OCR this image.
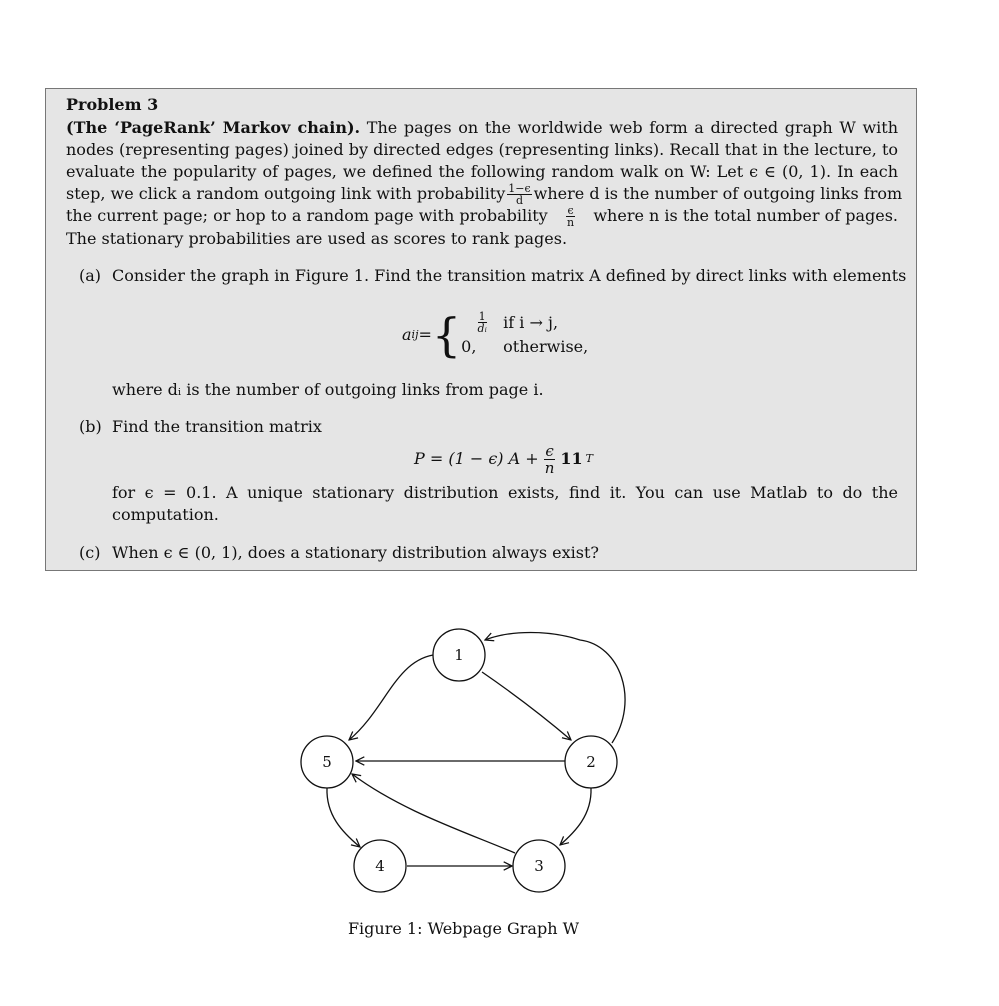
Problem 3
(The ‘PageRank’ Markov chain). The pages on the worldwide web form a directed graph W with
nodes (representing pages) joined by directed edges (representing links). Recall that in the lecture, to
evaluate the popularity of pages, we defined the following random walk on W: Let ϵ ∈ (0, 1). In each
step, we click a random outgoing link with probability $\frac{1-\epsilon}{d}$ where d is the number of outgoing links from
the current page; or hop to a random page with probability $\frac{\epsilon}{n}$ where n is the total number of pages.
The stationary probabilities are used as scores to rank pages.
(a) Consider the graph in Figure 1. Find the transition matrix A defined by direct links with elements
a ij = { $\frac{1}{\text{dᵢ}}$ if i → j,
0,	otherwise,
where dᵢ is the number of outgoing links from page i.
(b) Find the transition matrix
P = (1 − ϵ) $A + \frac{\epsilon}{n}$ 𝟏𝟏 T
for ϵ = 0.1. A unique stationary distribution exists, find it. You can use Matlab to do the
computation.
(c) When ϵ ∈ (0, 1), does a stationary distribution always exist?
1
2
3
4
5
Figure 1: Webpage Graph W
